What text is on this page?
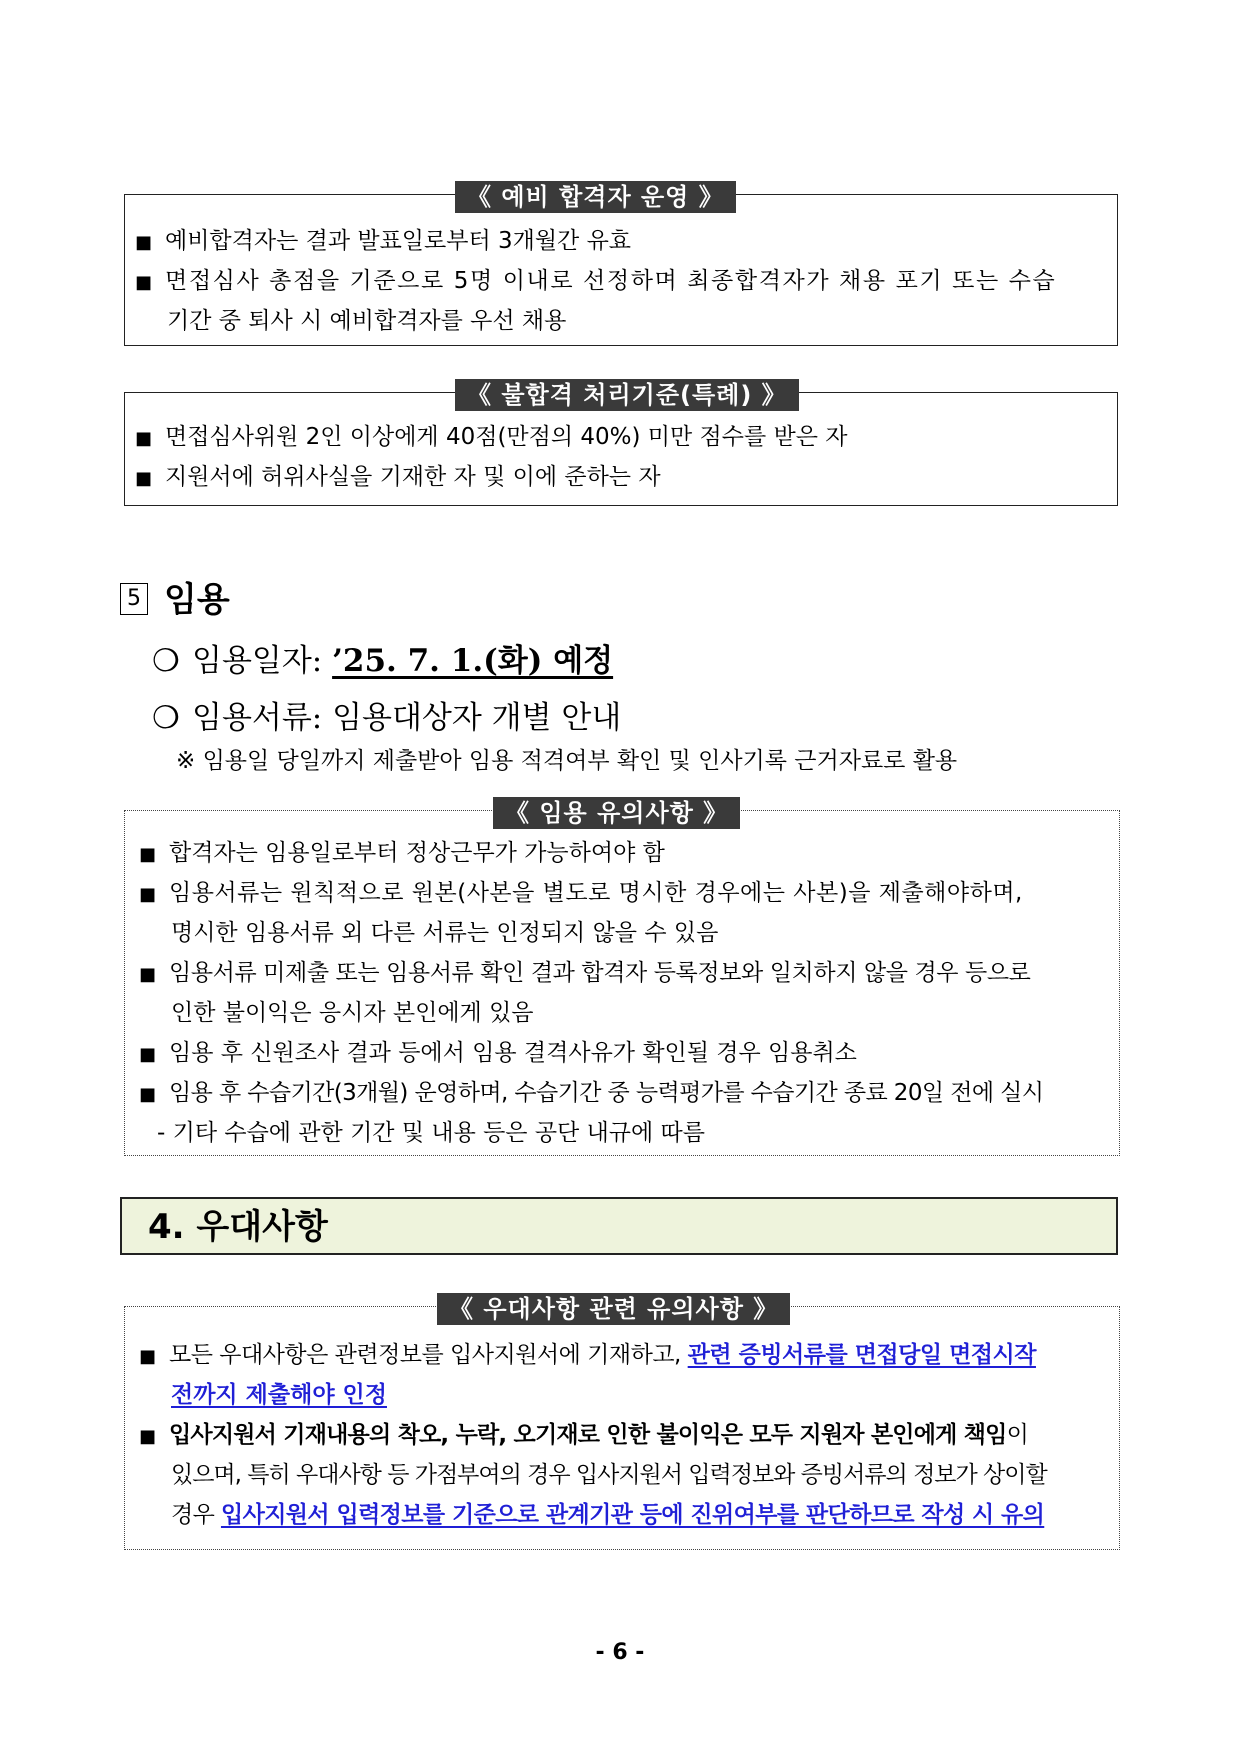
《 예비 합격자 운영 》
■ 예비합격자는 결과 발표일로부터 3개월간 유효
■ 면접심사 총점을 기준으로 5명 이내로 선정하며 최종합격자가 채용 포기 또는 수습
기간 중 퇴사 시 예비합격자를 우선 채용
《 불합격 처리기준(특례) 》
■ 면접심사위원 2인 이상에게 40점(만점의 40%) 미만 점수를 받은 자
■ 지원서에 허위사실을 기재한 자 및 이에 준하는 자
5 임용
❍ 임용일자: ’25. 7. 1.(화) 예정
❍ 임용서류: 임용대상자 개별 안내
※ 임용일 당일까지 제출받아 임용 적격여부 확인 및 인사기록 근거자료로 활용
《 임용 유의사항 》
■ 합격자는 임용일로부터 정상근무가 가능하여야 함
■ 임용서류는 원칙적으로 원본(사본을 별도로 명시한 경우에는 사본)을 제출해야하며,
명시한 임용서류 외 다른 서류는 인정되지 않을 수 있음
■ 임용서류 미제출 또는 임용서류 확인 결과 합격자 등록정보와 일치하지 않을 경우 등으로
인한 불이익은 응시자 본인에게 있음
■ 임용 후 신원조사 결과 등에서 임용 결격사유가 확인될 경우 임용취소
■ 임용 후 수습기간(3개월) 운영하며, 수습기간 중 능력평가를 수습기간 종료 20일 전에 실시
- 기타 수습에 관한 기간 및 내용 등은 공단 내규에 따름
4. 우대사항
《 우대사항 관련 유의사항 》
■ 모든 우대사항은 관련정보를 입사지원서에 기재하고, 관련 증빙서류를 면접당일 면접시작
전까지 제출해야 인정
■ 입사지원서 기재내용의 착오, 누락, 오기재로 인한 불이익은 모두 지원자 본인에게 책임이
있으며, 특히 우대사항 등 가점부여의 경우 입사지원서 입력정보와 증빙서류의 정보가 상이할
경우 입사지원서 입력정보를 기준으로 관계기관 등에 진위여부를 판단하므로 작성 시 유의
- 6 -
